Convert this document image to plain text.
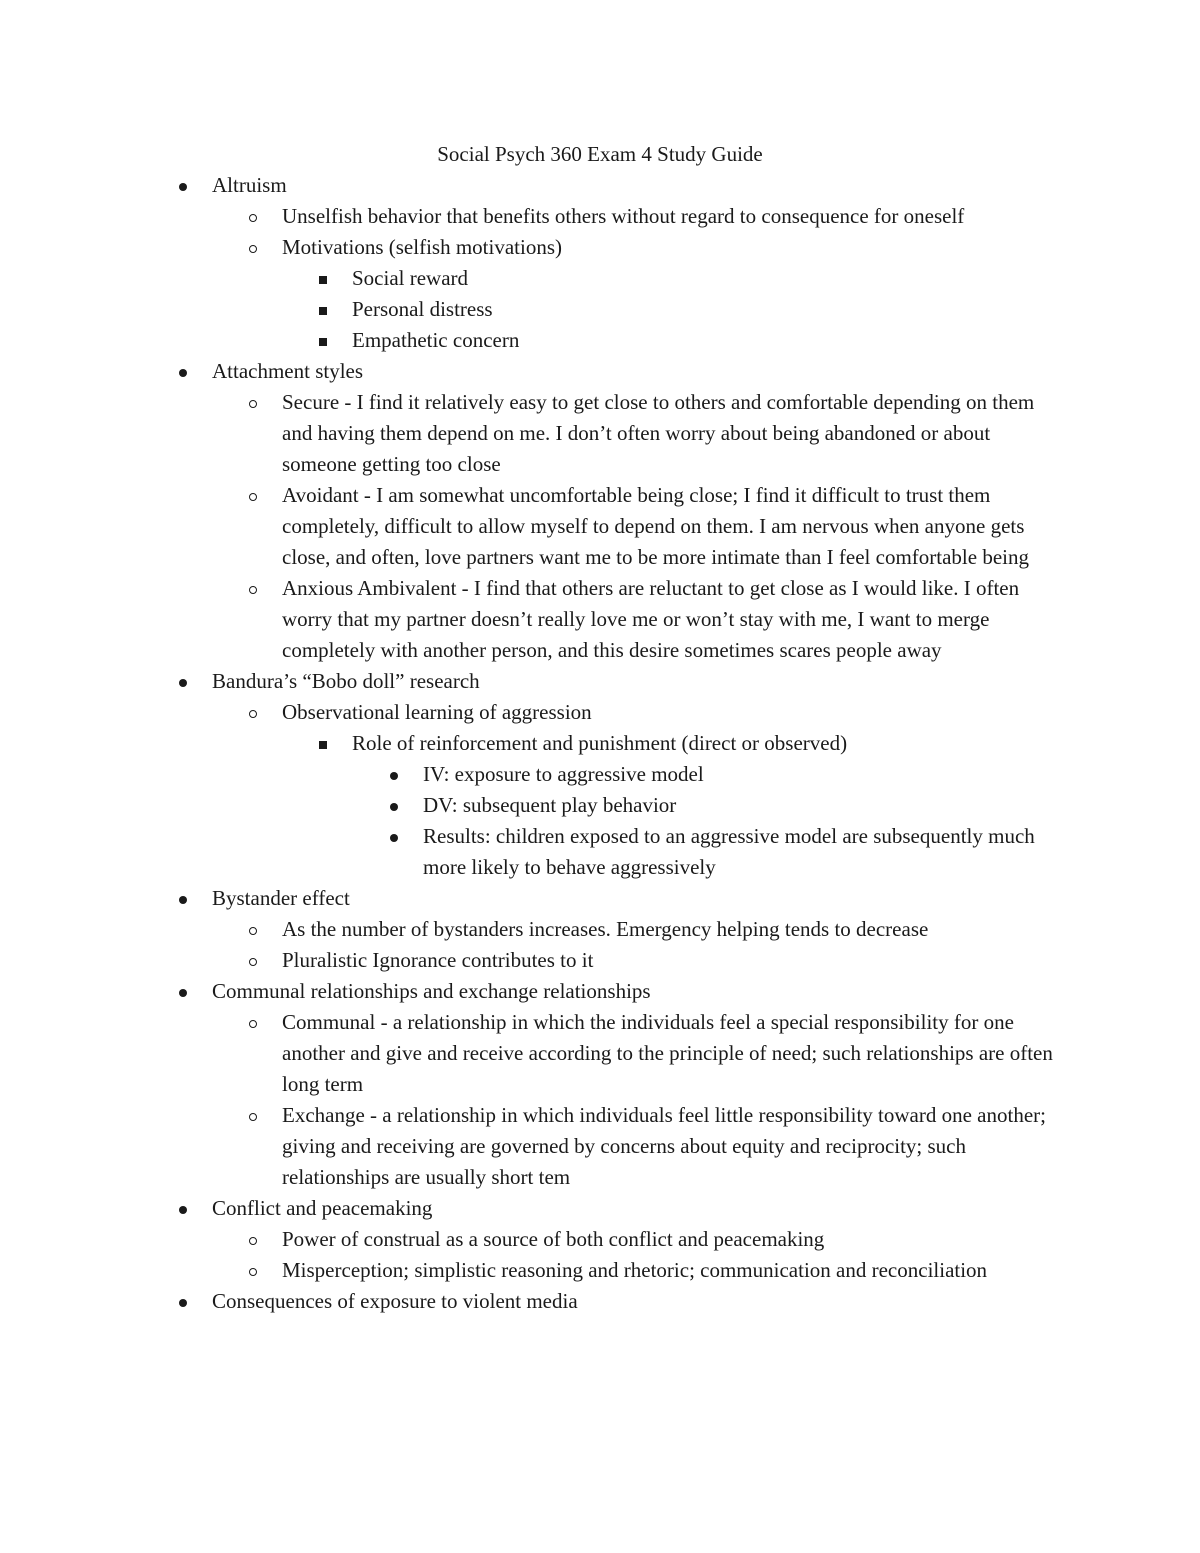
Social Psych 360 Exam 4 Study Guide
Altruism
Unselfish behavior that benefits others without regard to consequence for oneself
Motivations (selfish motivations)
Social reward
Personal distress
Empathetic concern
Attachment styles
Secure - I find it relatively easy to get close to others and comfortable depending on them and having them depend on me. I don’t often worry about being abandoned or about someone getting too close
Avoidant - I am somewhat uncomfortable being close; I find it difficult to trust them completely, difficult to allow myself to depend on them. I am nervous when anyone gets close, and often, love partners want me to be more intimate than I feel comfortable being
Anxious Ambivalent - I find that others are reluctant to get close as I would like. I often worry that my partner doesn’t really love me or won’t stay with me, I want to merge completely with another person, and this desire sometimes scares people away
Bandura’s “Bobo doll” research
Observational learning of aggression
Role of reinforcement and punishment (direct or observed)
IV: exposure to aggressive model
DV: subsequent play behavior
Results: children exposed to an aggressive model are subsequently much more likely to behave aggressively
Bystander effect
As the number of bystanders increases. Emergency helping tends to decrease
Pluralistic Ignorance contributes to it
Communal relationships and exchange relationships
Communal - a relationship in which the individuals feel a special responsibility for one another and give and receive according to the principle of need; such relationships are often long term
Exchange - a relationship in which individuals feel little responsibility toward one another; giving and receiving are governed by concerns about equity and reciprocity; such relationships are usually short tem
Conflict and peacemaking
Power of construal as a source of both conflict and peacemaking
Misperception; simplistic reasoning and rhetoric; communication and reconciliation
Consequences of exposure to violent media
